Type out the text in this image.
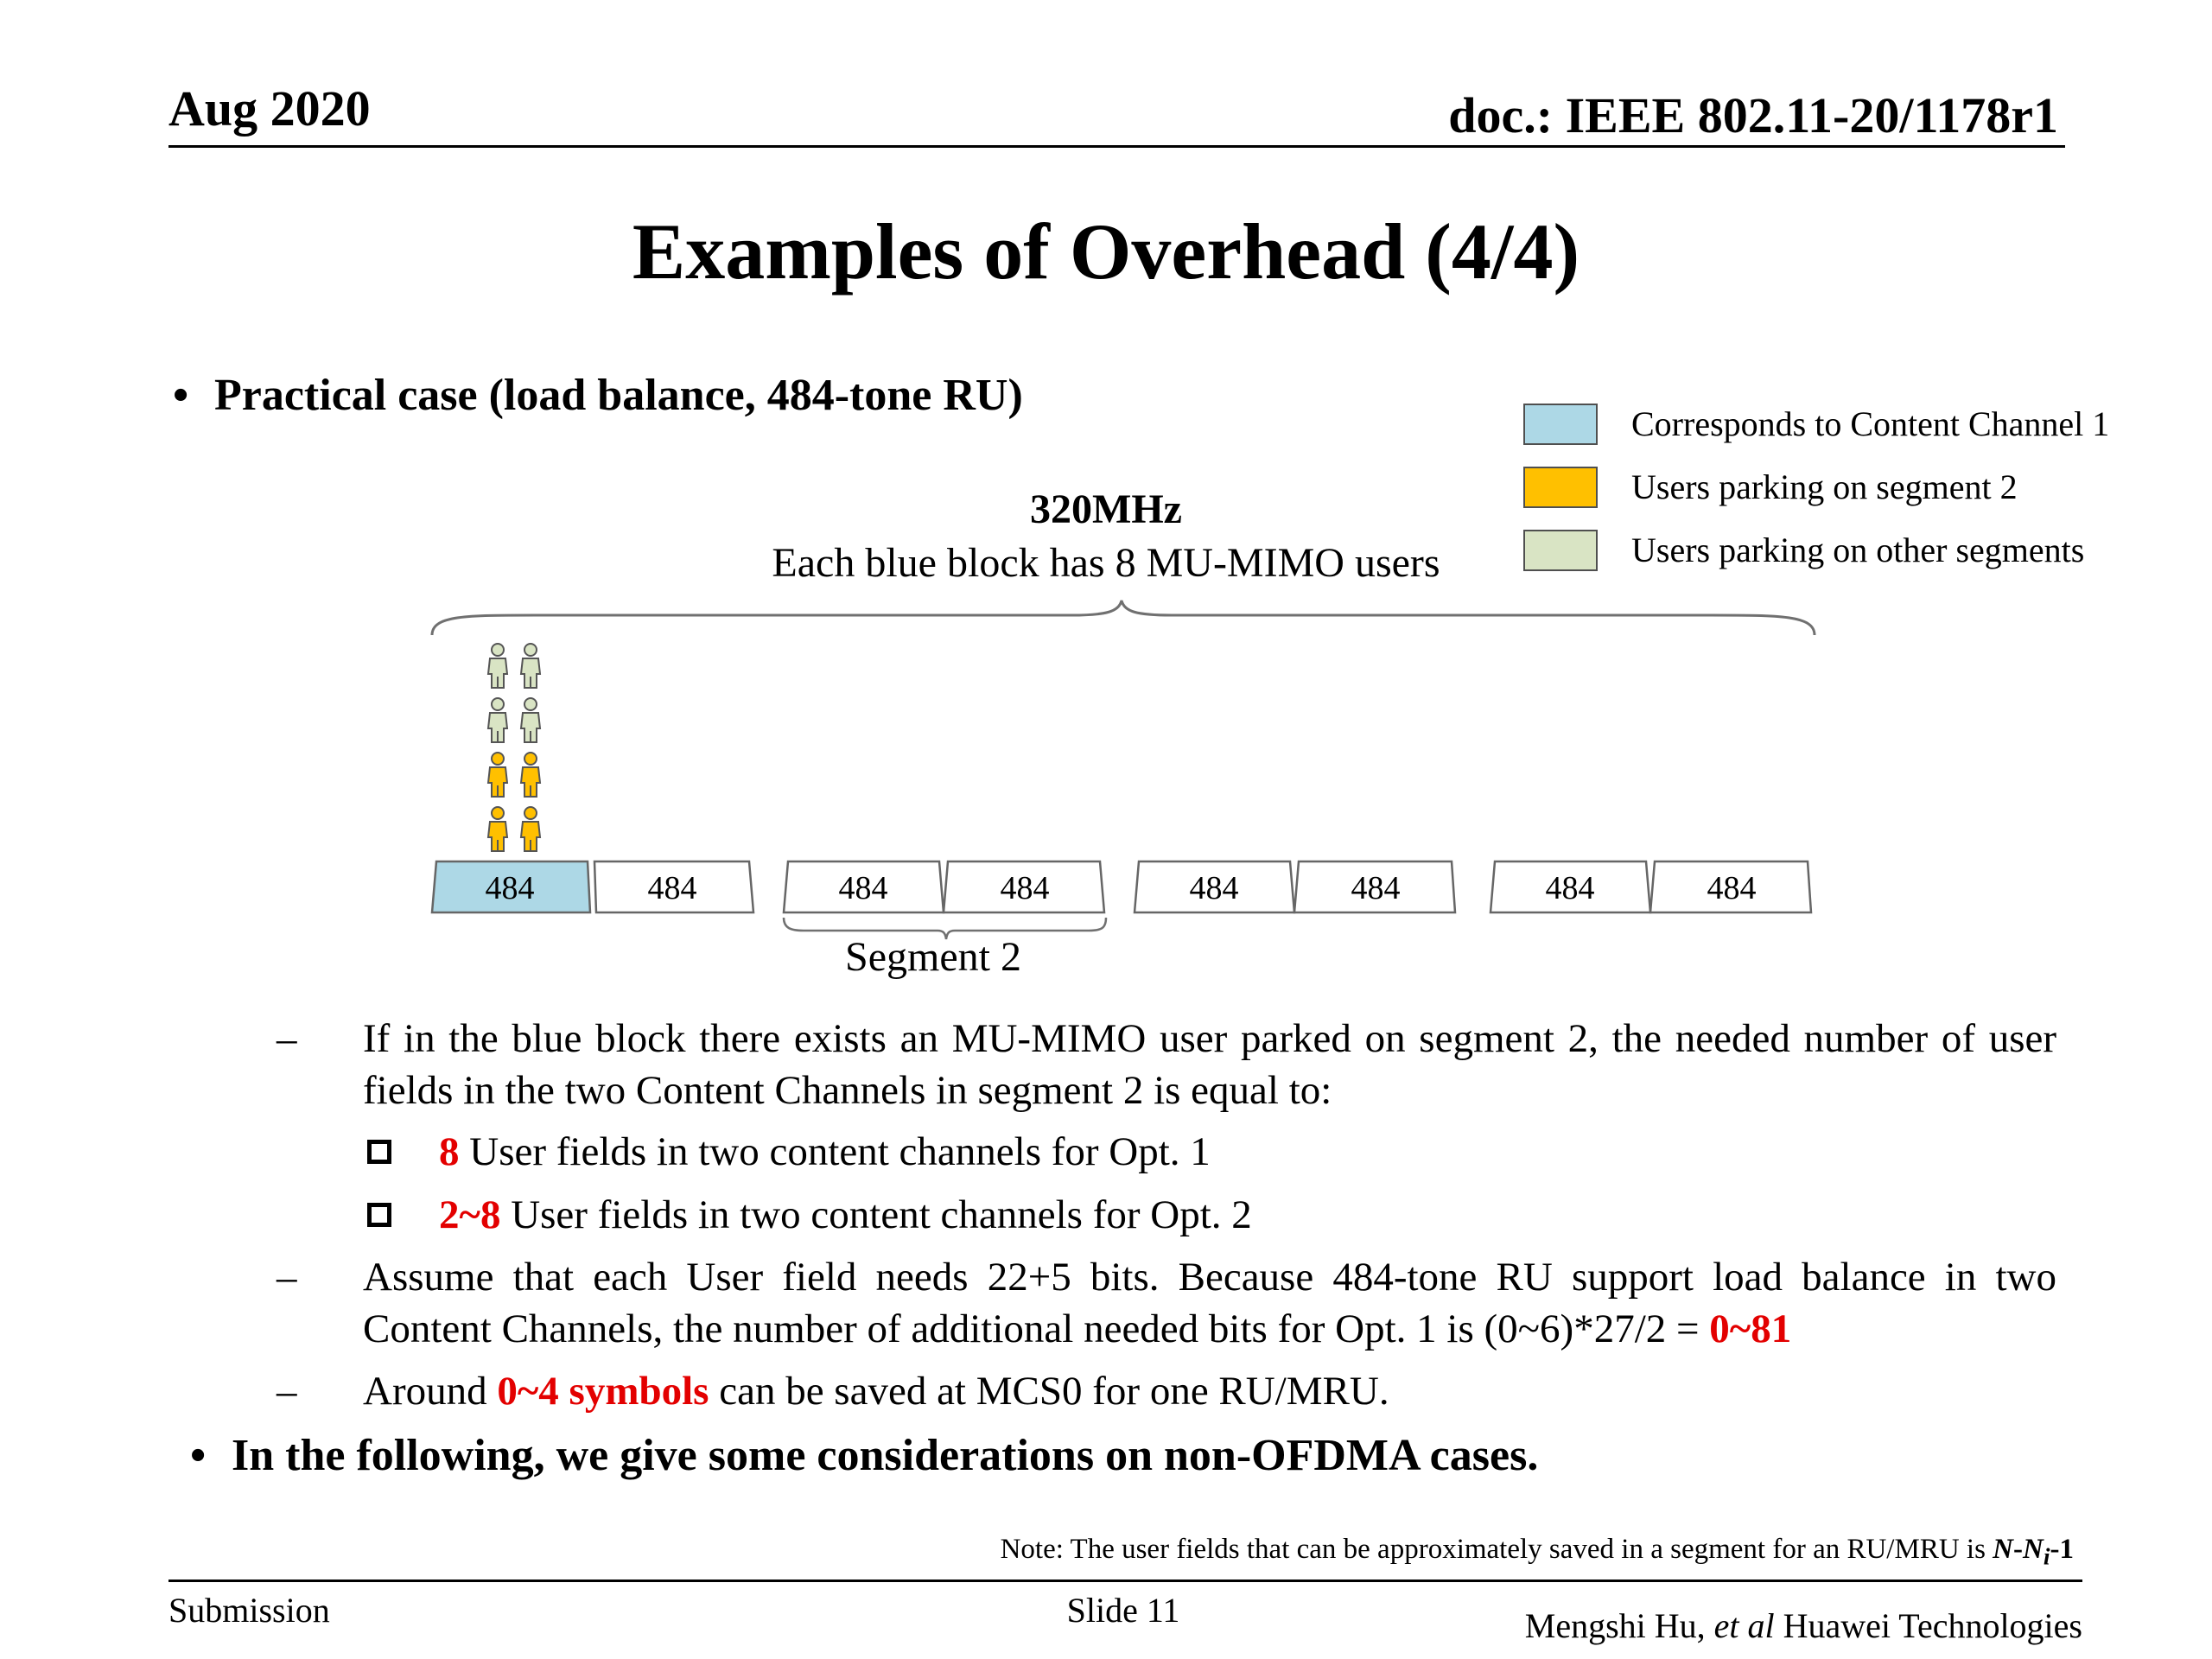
Aug 2020	doc.: IEEE 802.11-20/1178r1
Examples of Overhead (4/4)
• Practical case (load balance, 484-tone RU)
Corresponds to Content Channel 1
Users parking on segment 2
Users parking on other segments
320MHz
Each blue block has 8 MU-MIMO users
484	484	484	484	484	484	484	484
Segment 2
– If in the blue block there exists an MU-MIMO user parked on segment 2, the needed number of user fields in the two Content Channels in segment 2 is equal to:
8 User fields in two content channels for Opt. 1
2~8 User fields in two content channels for Opt. 2
– Assume that each User field needs 22+5 bits. Because 484-tone RU support load balance in two Content Channels, the number of additional needed bits for Opt. 1 is (0~6)*27/2 = 0~81
– Around 0~4 symbols can be saved at MCS0 for one RU/MRU.
• In the following, we give some considerations on non-OFDMA cases.
Note: The user fields that can be approximately saved in a segment for an RU/MRU is $N-N_i-1$
Submission	Slide 11	Mengshi Hu, et al Huawei Technologies
